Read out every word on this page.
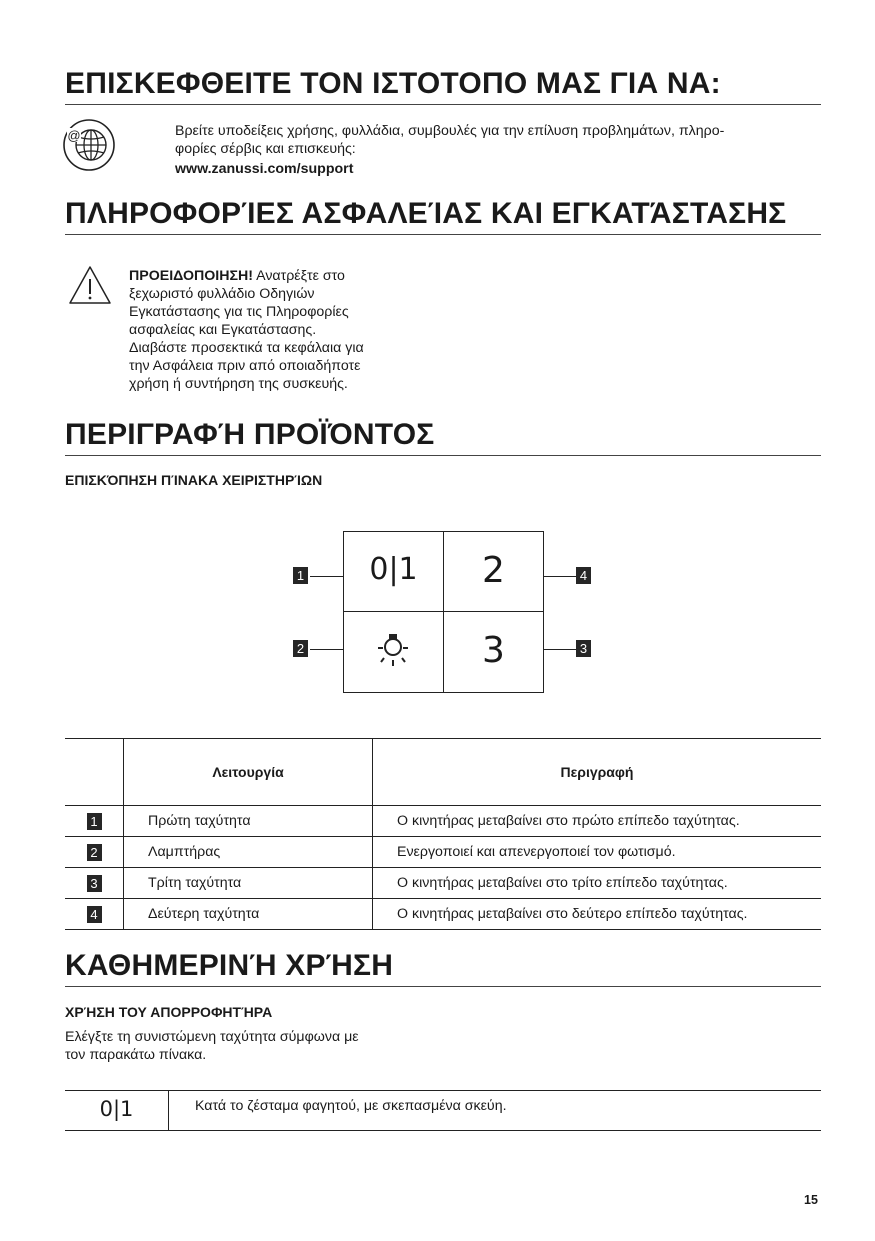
ΕΠΙΣΚΕΦΘΕΙΤΕ ΤΟΝ ΙΣΤΟΤΟΠΟ ΜΑΣ ΓΙΑ ΝΑ:
@	Βρείτε υποδείξεις χρήσης, φυλλάδια, συμβουλές για την επίλυση προβλημάτων, πληρο-
φορίες σέρβις και επισκευής:
www.zanussi.com/support
ΠΛΗΡΟΦΟΡΊΕΣ ΑΣΦΑΛΕΊΑΣ ΚΑΙ ΕΓΚΑΤΆΣΤΑΣΗΣ
ΠΡΟΕΙΔΟΠΟΙΗΣΗ! Ανατρέξτε στο
ξεχωριστό φυλλάδιο Οδηγιών
Εγκατάστασης για τις Πληροφορίες
ασφαλείας και Εγκατάστασης.
Διαβάστε προσεκτικά τα κεφάλαια για
την Ασφάλεια πριν από οποιαδήποτε
χρήση ή συντήρηση της συσκευής.
ΠΕΡΙΓΡΑΦΉ ΠΡΟΪΌΝΤΟΣ
ΕΠΙΣΚΌΠΗΣΗ ΠΊΝΑΚΑ ΧΕΙΡΙΣΤΗΡΊΩΝ
0|1	2
3
1
2
4
3
	Λειτουργία	Περιγραφή
1	Πρώτη ταχύτητα	Ο κινητήρας μεταβαίνει στο πρώτο επίπεδο ταχύτητας.
2	Λαμπτήρας	Ενεργοποιεί και απενεργοποιεί τον φωτισμό.
3	Τρίτη ταχύτητα	Ο κινητήρας μεταβαίνει στο τρίτο επίπεδο ταχύτητας.
4	Δεύτερη ταχύτητα	Ο κινητήρας μεταβαίνει στο δεύτερο επίπεδο ταχύτητας.
ΚΑΘΗΜΕΡΙΝΉ ΧΡΉΣΗ
ΧΡΉΣΗ ΤΟΥ ΑΠΟΡΡΟΦΗΤΉΡΑ
Ελέγξτε τη συνιστώμενη ταχύτητα σύμφωνα με
τον παρακάτω πίνακα.
0|1	Κατά το ζέσταμα φαγητού, με σκεπασμένα σκεύη.
15
